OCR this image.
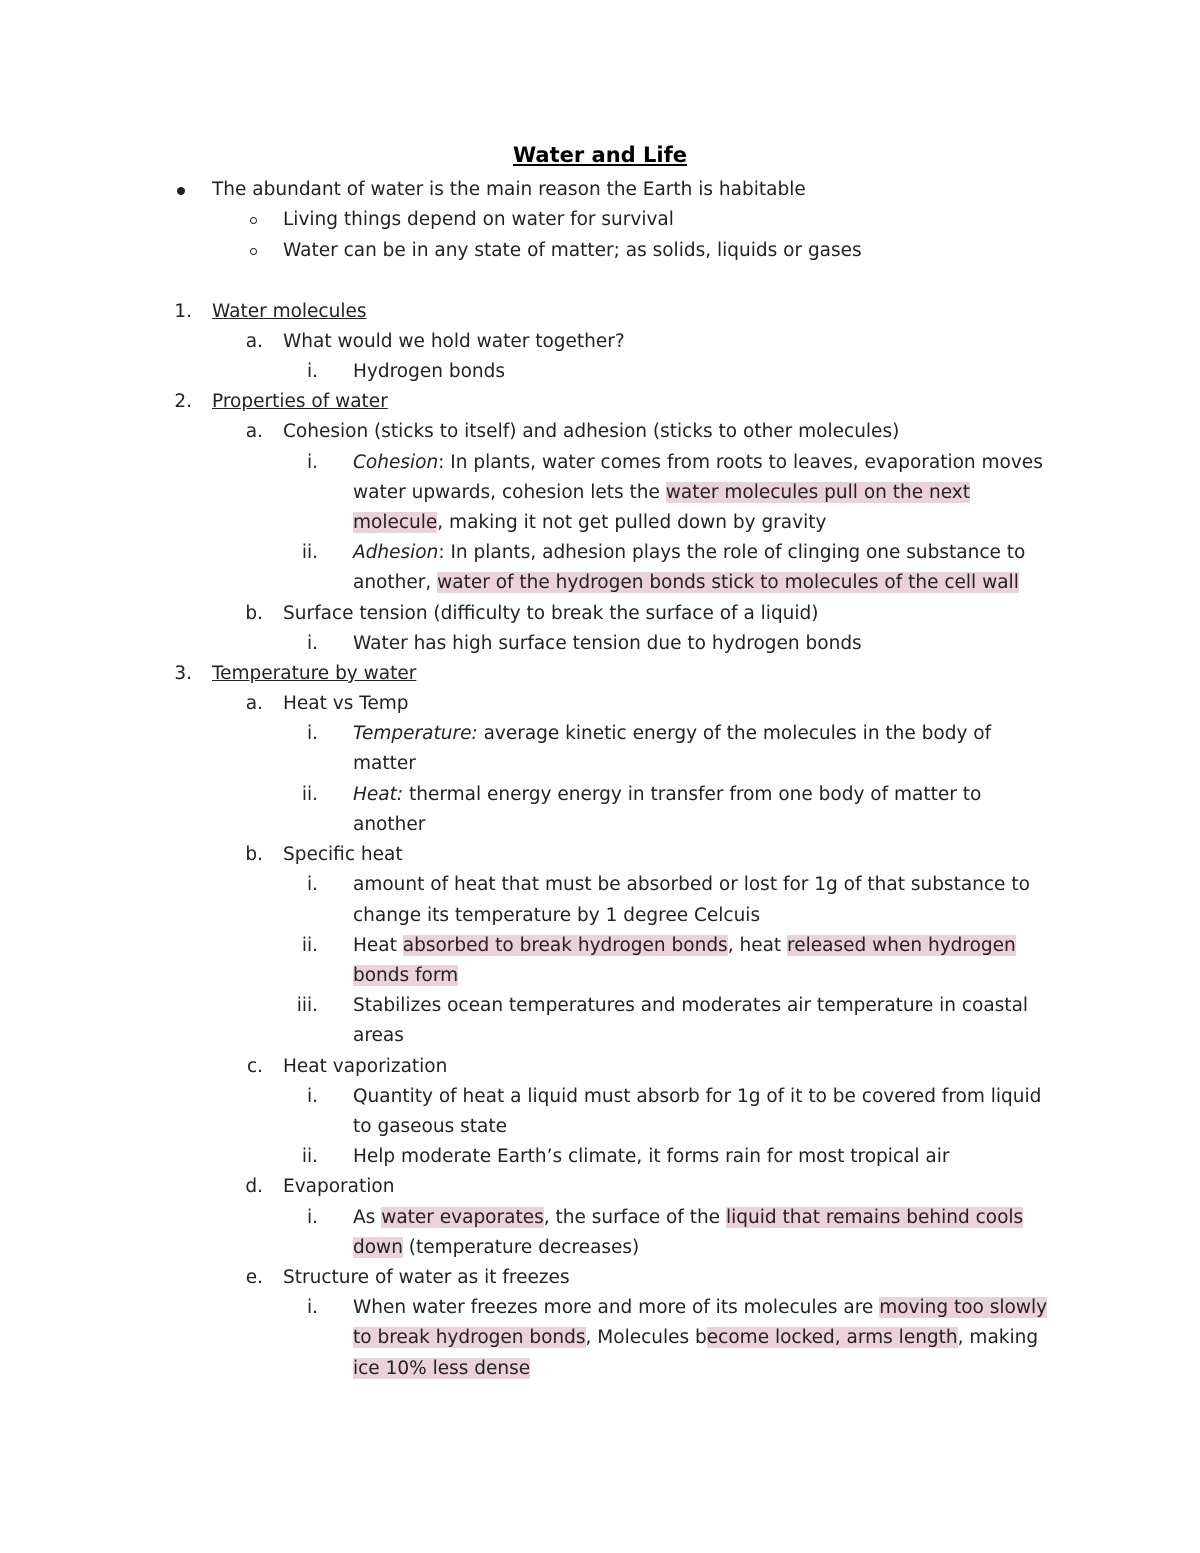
Water and Life
The abundant of water is the main reason the Earth is habitable
Living things depend on water for survival
Water can be in any state of matter; as solids, liquids or gases
1. Water molecules
a. What would we hold water together?
i. Hydrogen bonds
2. Properties of water
a. Cohesion (sticks to itself) and adhesion (sticks to other molecules)
i. Cohesion: In plants, water comes from roots to leaves, evaporation moves
water upwards, cohesion lets the water molecules pull on the next
molecule, making it not get pulled down by gravity
ii. Adhesion: In plants, adhesion plays the role of clinging one substance to
another, water of the hydrogen bonds stick to molecules of the cell wall
b. Surface tension (difficulty to break the surface of a liquid)
i. Water has high surface tension due to hydrogen bonds
3. Temperature by water
a. Heat vs Temp
i. Temperature: average kinetic energy of the molecules in the body of
matter
ii. Heat: thermal energy energy in transfer from one body of matter to
another
b. Specific heat
i. amount of heat that must be absorbed or lost for 1g of that substance to
change its temperature by 1 degree Celcuis
ii. Heat absorbed to break hydrogen bonds, heat released when hydrogen
bonds form
iii. Stabilizes ocean temperatures and moderates air temperature in coastal
areas
c. Heat vaporization
i. Quantity of heat a liquid must absorb for 1g of it to be covered from liquid
to gaseous state
ii. Help moderate Earth’s climate, it forms rain for most tropical air
d. Evaporation
i. As water evaporates, the surface of the liquid that remains behind cools
down (temperature decreases)
e. Structure of water as it freezes
i. When water freezes more and more of its molecules are moving too slowly
to break hydrogen bonds, Molecules become locked, arms length, making
ice 10% less dense
